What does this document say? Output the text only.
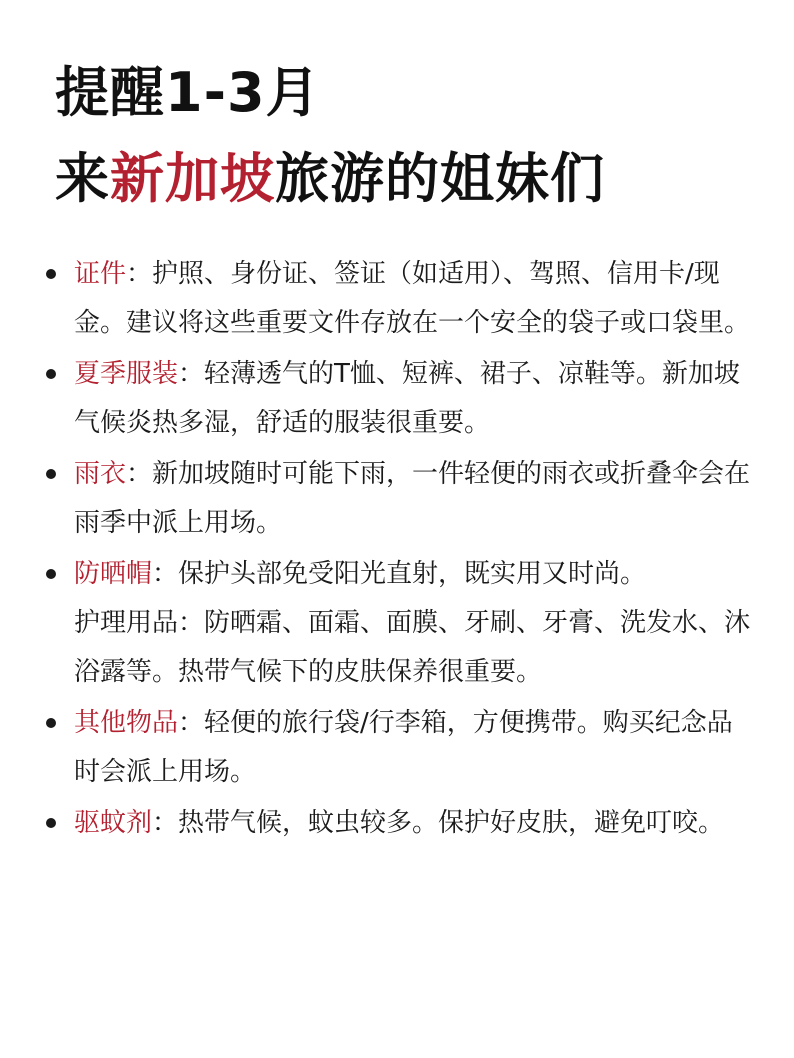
提醒1-3月
来新加坡旅游的姐妹们
证件：护照、身份证、签证（如适用）、驾照、信用卡/现金。建议将这些重要文件存放在一个安全的袋子或口袋里。
夏季服装：轻薄透气的T恤、短裤、裙子、凉鞋等。新加坡气候炎热多湿，舒适的服装很重要。
雨衣：新加坡随时可能下雨，一件轻便的雨衣或折叠伞会在雨季中派上用场。
防晒帽：保护头部免受阳光直射，既实用又时尚。
护理用品：防晒霜、面霜、面膜、牙刷、牙膏、洗发水、沐浴露等。热带气候下的皮肤保养很重要。
其他物品：轻便的旅行袋/行李箱，方便携带。购买纪念品时会派上用场。
驱蚊剂：热带气候，蚊虫较多。保护好皮肤，避免叮咬。
